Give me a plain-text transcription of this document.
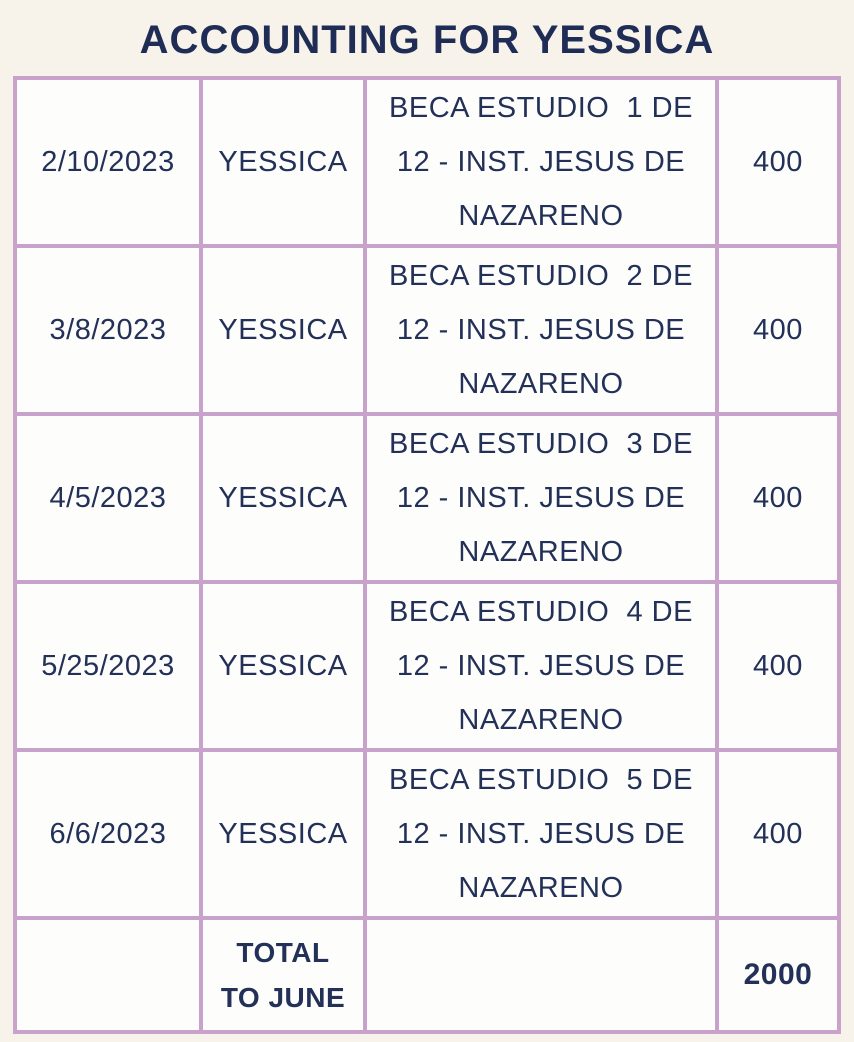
ACCOUNTING FOR YESSICA
2/10/2023	YESSICA	BECA ESTUDIO  1 DE
12 - INST. JESUS DE
NAZARENO	400
3/8/2023	YESSICA	BECA ESTUDIO  2 DE
12 - INST. JESUS DE
NAZARENO	400
4/5/2023	YESSICA	BECA ESTUDIO  3 DE
12 - INST. JESUS DE
NAZARENO	400
5/25/2023	YESSICA	BECA ESTUDIO  4 DE
12 - INST. JESUS DE
NAZARENO	400
6/6/2023	YESSICA	BECA ESTUDIO  5 DE
12 - INST. JESUS DE
NAZARENO	400

	TOTAL
TO JUNE		2000
